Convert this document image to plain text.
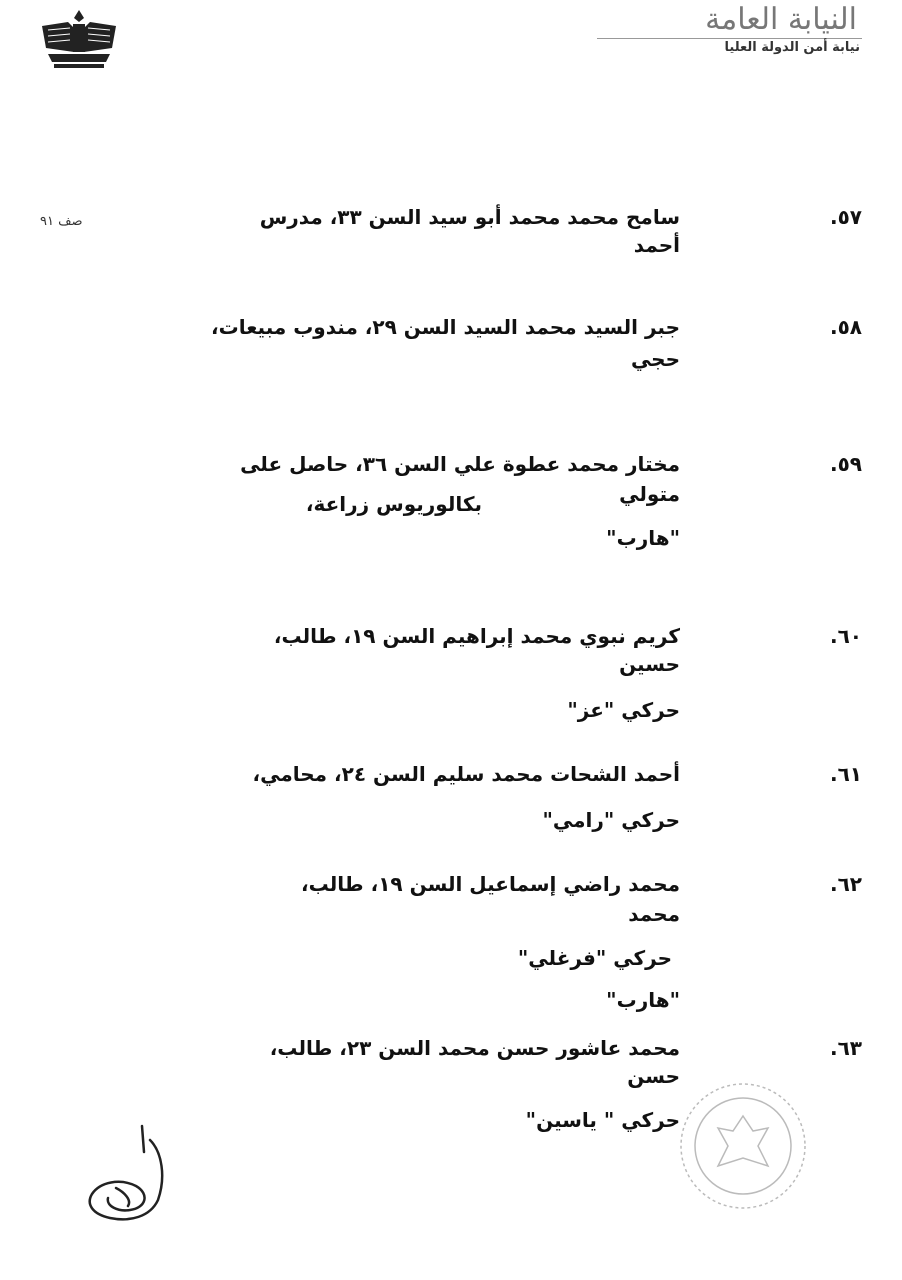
النيابة العامة
نيابة أمن الدولة العليا
صف ٩١	٥٧.
سامح محمد محمد أبو سيد السن ٣٣، مدرس
أحمد
٥٨.
جبر السيد محمد السيد السن ٢٩، مندوب مبيعات،
حجي
٥٩.
مختار محمد عطوة علي السن ٣٦، حاصل على
متولي
بكالوريوس زراعة،
"هارب"
٦٠.
كريم نبوي محمد إبراهيم السن ١٩، طالب،
حسين
حركي "عز"
٦١.
أحمد الشحات محمد سليم السن ٢٤، محامي،
حركي "رامي"
٦٢.
محمد راضي إسماعيل السن ١٩، طالب،
محمد
حركي "فرغلي"
"هارب"
٦٣.
محمد عاشور حسن محمد السن ٢٣، طالب،
حسن
حركي " ياسين"
